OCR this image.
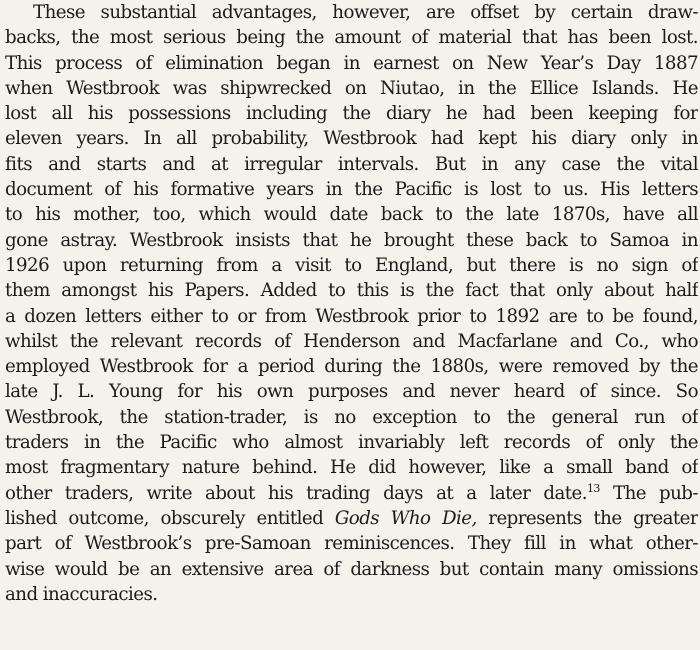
These substantial advantages, however, are offset by certain draw-
backs, the most serious being the amount of material that has been lost.
This process of elimination began in earnest on New Year’s Day 1887
when Westbrook was shipwrecked on Niutao, in the Ellice Islands. He
lost all his possessions including the diary he had been keeping for
eleven years. In all probability, Westbrook had kept his diary only in
fits and starts and at irregular intervals. But in any case the vital
document of his formative years in the Pacific is lost to us. His letters
to his mother, too, which would date back to the late 1870s, have all
gone astray. Westbrook insists that he brought these back to Samoa in
1926 upon returning from a visit to England, but there is no sign of
them amongst his Papers. Added to this is the fact that only about half
a dozen letters either to or from Westbrook prior to 1892 are to be found,
whilst the relevant records of Henderson and Macfarlane and Co., who
employed Westbrook for a period during the 1880s, were removed by the
late J. L. Young for his own purposes and never heard of since. So
Westbrook, the station-trader, is no exception to the general run of
traders in the Pacific who almost invariably left records of only the
most fragmentary nature behind. He did however, like a small band of
other traders, write about his trading days at a later date.$^{13}$ The pub-
lished outcome, obscurely entitled Gods Who Die, represents the greater
part of Westbrook’s pre-Samoan reminiscences. They fill in what other-
wise would be an extensive area of darkness but contain many omissions
and inaccuracies.
